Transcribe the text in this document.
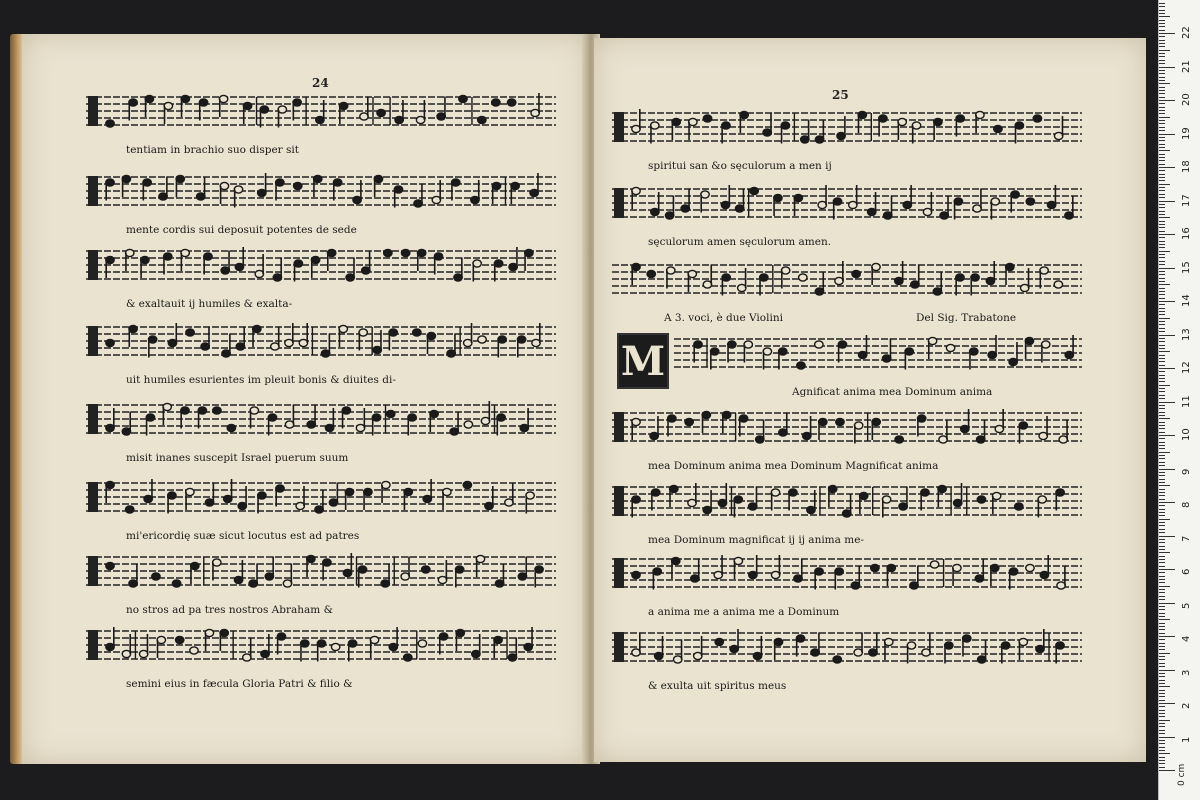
24
25
A 3. voci, è due Violini	Del Sig. Trabatone
M
0 cm
1
2
3
4
5
6
7
8
9
10
11
12
13
14
15
16
17
18
19
20
21
22
tentiam in brachio suo disper sit
mente cordis sui deposuit potentes de sede
& exaltauit ij humiles & exalta-
uit humiles esurientes im pleuit bonis & diuites di-
misit inanes suscepit Israel puerum suum
mi'ericordię suæ sicut locutus est ad patres
no stros ad pa tres nostros Abraham &
semini eius in fæcula Gloria Patri & filio &
spiritui san &o sęculorum a men ij
sęculorum amen sęculorum amen.
Agnificat anima mea Dominum anima
mea Dominum anima mea Dominum Magnificat anima
mea Dominum magnificat ij ij anima me-
a anima me a anima me a Dominum
& exulta uit spiritus meus
